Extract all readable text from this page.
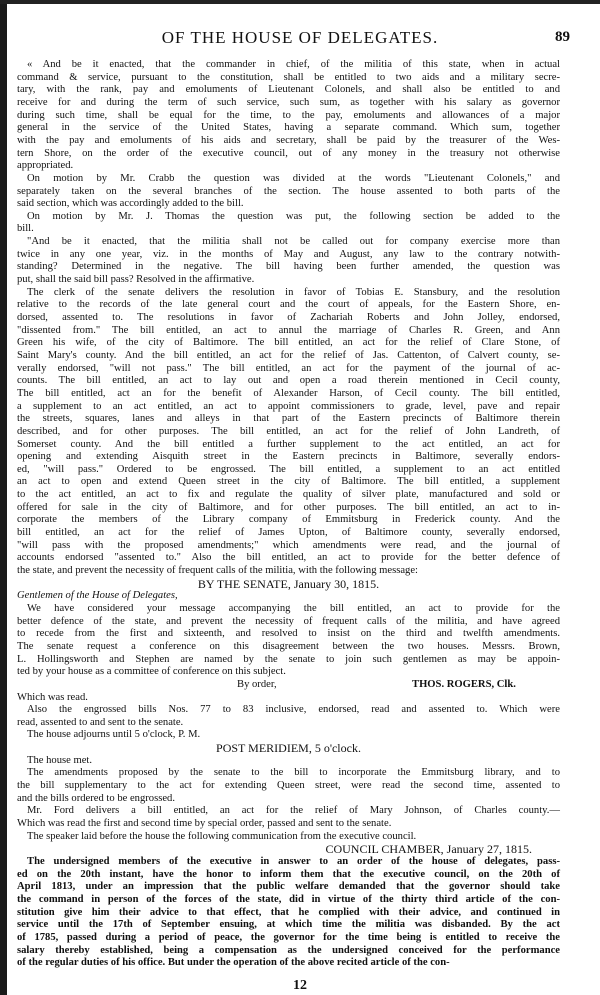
OF THE HOUSE OF DELEGATES.	89
« And be it enacted, that the commander in chief, of the militia of this state, when in actual
command & service, pursuant to the constitution, shall be entitled to two aids and a military secre-
tary, with the rank, pay and emoluments of Lieutenant Colonels, and shall also be entitled to and
receive for and during the term of such service, such sum, as together with his salary as governor
during such time, shall be equal for the time, to the pay, emoluments and allowances of a major
general in the service of the United States, having a separate command. Which sum, together
with the pay and emoluments of his aids and secretary, shall be paid by the treasurer of the Wes-
tern Shore, on the order of the executive council, out of any money in the treasury not otherwise
appropriated.
On motion by Mr. Crabb the question was divided at the words "Lieutenant Colonels," and
separately taken on the several branches of the section. The house assented to both parts of the
said section, which was accordingly added to the bill.
On motion by Mr. J. Thomas the question was put, the following section be added to the
bill.
"And be it enacted, that the militia shall not be called out for company exercise more than
twice in any one year, viz. in the months of May and August, any law to the contrary notwith-
standing? Determined in the negative. The bill having been further amended, the question was
put, shall the said bill pass? Resolved in the affirmative.
The clerk of the senate delivers the resolution in favor of Tobias E. Stansbury, and the resolution
relative to the records of the late general court and the court of appeals, for the Eastern Shore, en-
dorsed, assented to. The resolutions in favor of Zachariah Roberts and John Jolley, endorsed,
"dissented from." The bill entitled, an act to annul the marriage of Charles R. Green, and Ann
Green his wife, of the city of Baltimore. The bill entitled, an act for the relief of Clare Stone, of
Saint Mary's county. And the bill entitled, an act for the relief of Jas. Cattenton, of Calvert county, se-
verally endorsed, "will not pass." The bill entitled, an act for the payment of the journal of ac-
counts. The bill entitled, an act to lay out and open a road therein mentioned in Cecil county,
The bill entitled, act an for the benefit of Alexander Harson, of Cecil county. The bill entitled,
a supplement to an act entitled, an act to appoint commissioners to grade, level, pave and repair
the streets, squares, lanes and alleys in that part of the Eastern precincts of Baltimore therein
described, and for other purposes. The bill entitled, an act for the relief of John Landreth, of
Somerset county. And the bill entitled a further supplement to the act entitled, an act for
opening and extending Aisquith street in the Eastern precincts in Baltimore, severally endors-
ed, "will pass." Ordered to be engrossed. The bill entitled, a supplement to an act entitled
an act to open and extend Queen street in the city of Baltimore. The bill entitled, a supplement
to the act entitled, an act to fix and regulate the quality of silver plate, manufactured and sold or
offered for sale in the city of Baltimore, and for other purposes. The bill entitled, an act to in-
corporate the members of the Library company of Emmitsburg in Frederick county. And the
bill entitled, an act for the relief of James Upton, of Baltimore county, severally endorsed,
"will pass with the proposed amendments;" which amendments were read, and the journal of
accounts endorsed "assented to." Also the bill entitled, an act to provide for the better defence of
the state, and prevent the necessity of frequent calls of the militia, with the following message:
BY THE SENATE, January 30, 1815.
Gentlemen of the House of Delegates,
We have considered your message accompanying the bill entitled, an act to provide for the
better defence of the state, and prevent the necessity of frequent calls of the militia, and have agreed
to recede from the first and sixteenth, and resolved to insist on the third and twelfth amendments.
The senate request a conference on this disagreement between the two houses. Messrs. Brown,
L. Hollingsworth and Stephen are named by the senate to join such gentlemen as may be appoin-
ted by your house as a committee of conference on this subject.
By order,	THOS. ROGERS, Clk.
Which was read.
Also the engrossed bills Nos. 77 to 83 inclusive, endorsed, read and assented to. Which were
read, assented to and sent to the senate.
The house adjourns until 5 o'clock, P. M.
POST MERIDIEM, 5 o'clock.
The house met.
The amendments proposed by the senate to the bill to incorporate the Emmitsburg library, and to
the bill supplementary to the act for extending Queen street, were read the second time, assented to
and the bills ordered to be engrossed.
Mr. Ford delivers a bill entitled, an act for the relief of Mary Johnson, of Charles county.—
Which was read the first and second time by special order, passed and sent to the senate.
The speaker laid before the house the following communication from the executive council.
COUNCIL CHAMBER, January 27, 1815.
The undersigned members of the executive in answer to an order of the house of delegates, pass-
ed on the 20th instant, have the honor to inform them that the executive council, on the 20th of
April 1813, under an impression that the public welfare demanded that the governor should take
the command in person of the forces of the state, did in virtue of the thirty third article of the con-
stitution give him their advice to that effect, that he complied with their advice, and continued in
service until the 17th of September ensuing, at which time the militia was disbanded. By the act
of 1785, passed during a period of peace, the governor for the time being is entitled to receive the
salary thereby established, being a compensation as the undersigned conceived for the performance
of the regular duties of his office. But under the operation of the above recited article of the con-
12
